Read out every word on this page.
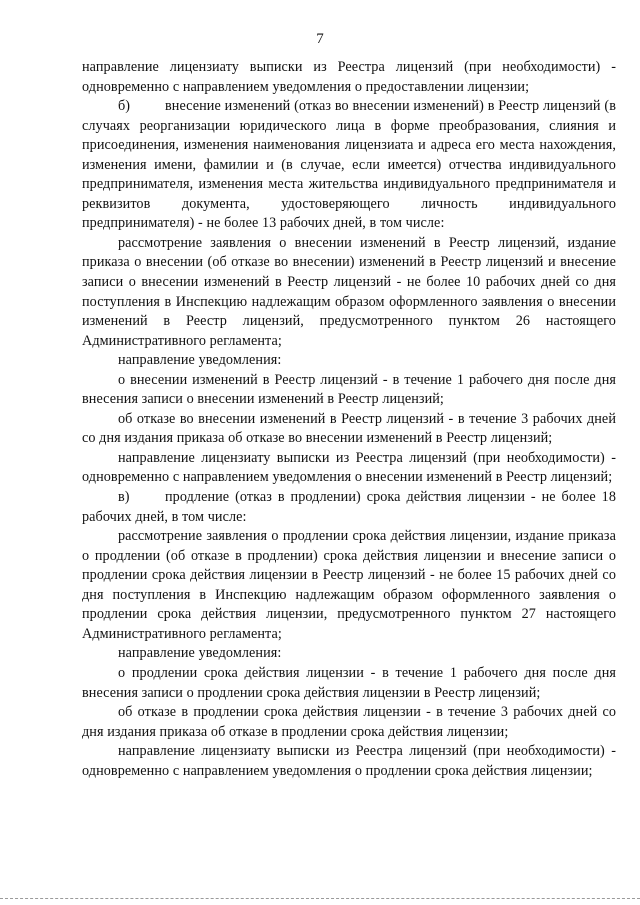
7

направление лицензиату выписки из Реестра лицензий (при необходимости) - одновременно с направлением уведомления о предоставлении лицензии;

б) внесение изменений (отказ во внесении изменений) в Реестр лицензий (в случаях реорганизации юридического лица в форме преобразования, слияния и присоединения, изменения наименования лицензиата и адреса его места нахождения, изменения имени, фамилии и (в случае, если имеется) отчества индивидуального предпринимателя, изменения места жительства индивидуального предпринимателя и реквизитов документа, удостоверяющего личность индивидуального предпринимателя) - не более 13 рабочих дней, в том числе:

рассмотрение заявления о внесении изменений в Реестр лицензий, издание приказа о внесении (об отказе во внесении) изменений в Реестр лицензий и внесение записи о внесении изменений в Реестр лицензий - не более 10 рабочих дней со дня поступления в Инспекцию надлежащим образом оформленного заявления о внесении изменений в Реестр лицензий, предусмотренного пунктом 26 настоящего Административного регламента;

направление уведомления:

о внесении изменений в Реестр лицензий - в течение 1 рабочего дня после дня внесения записи о внесении изменений в Реестр лицензий;

об отказе во внесении изменений в Реестр лицензий - в течение 3 рабочих дней со дня издания приказа об отказе во внесении изменений в Реестр лицензий;

направление лицензиату выписки из Реестра лицензий (при необходимости) - одновременно с направлением уведомления о внесении изменений в Реестр лицензий;

в) продление (отказ в продлении) срока действия лицензии - не более 18 рабочих дней, в том числе:

рассмотрение заявления о продлении срока действия лицензии, издание приказа о продлении (об отказе в продлении) срока действия лицензии и внесение записи о продлении срока действия лицензии в Реестр лицензий - не более 15 рабочих дней со дня поступления в Инспекцию надлежащим образом оформленного заявления о продлении срока действия лицензии, предусмотренного пунктом 27 настоящего Административного регламента;

направление уведомления:

о продлении срока действия лицензии - в течение 1 рабочего дня после дня внесения записи о продлении срока действия лицензии в Реестр лицензий;

об отказе в продлении срока действия лицензии - в течение 3 рабочих дней со дня издания приказа об отказе в продлении срока действия лицензии;

направление лицензиату выписки из Реестра лицензий (при необходимости) - одновременно с направлением уведомления о продлении срока действия лицензии;
